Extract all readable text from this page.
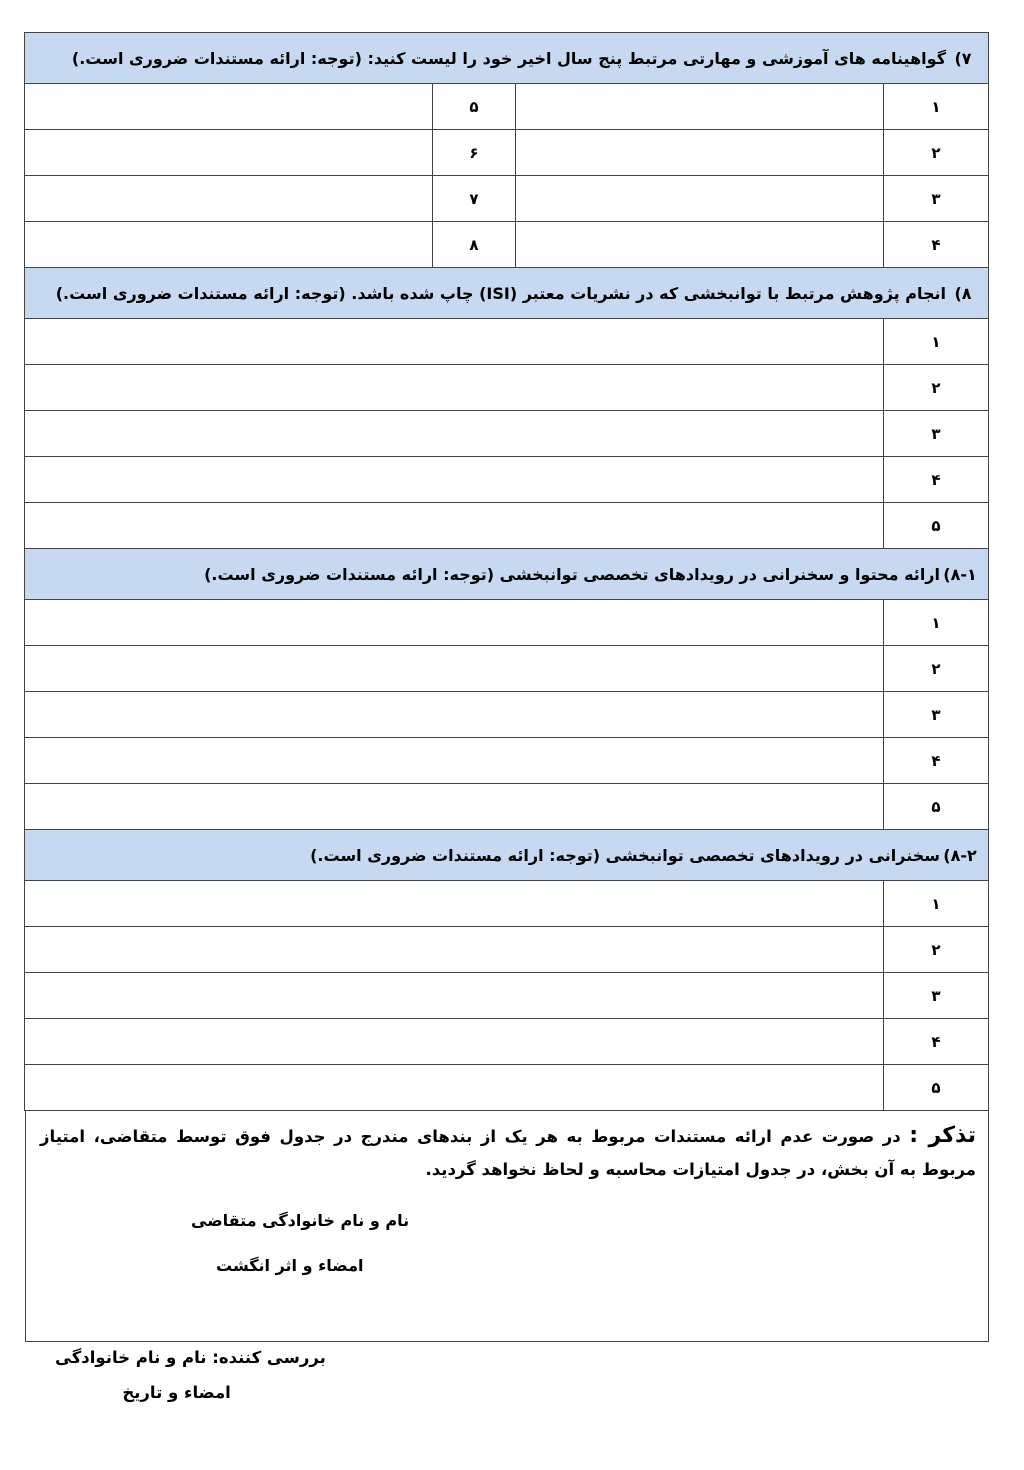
۷)گواهینامه های آموزشی و مهارتی مرتبط پنج سال اخیر خود را لیست کنید: (توجه: ارائه مستندات ضروری است.)			
۱		۵	
۲		۶	
۳		۷	
۴		۸	
۸)انجام پژوهش مرتبط با توانبخشی که در نشریات معتبر (ISI) چاپ شده باشد. (توجه: ارائه مستندات ضروری است.)	
۱	
۲	
۳	
۴	
۵	
۸-۱)ارائه محتوا و سخنرانی در رویدادهای تخصصی توانبخشی (توجه: ارائه مستندات ضروری است.)	
۱	
۲	
۳	
۴	
۵	
۸-۲)سخنرانی در رویدادهای تخصصی توانبخشی (توجه: ارائه مستندات ضروری است.)	
۱	
۲	
۳	
۴	
۵	
تذکر : در صورت عدم ارائه مستندات مربوط به هر یک از بندهای مندرج در جدول فوق توسط متقاضی، امتیاز مربوط به آن بخش، در جدول امتیازات محاسبه و لحاظ نخواهد گردید.
نام و نام خانوادگی متقاضی
امضاء و اثر انگشت
بررسی کننده: نام و نام خانوادگی
امضاء و تاریخ
